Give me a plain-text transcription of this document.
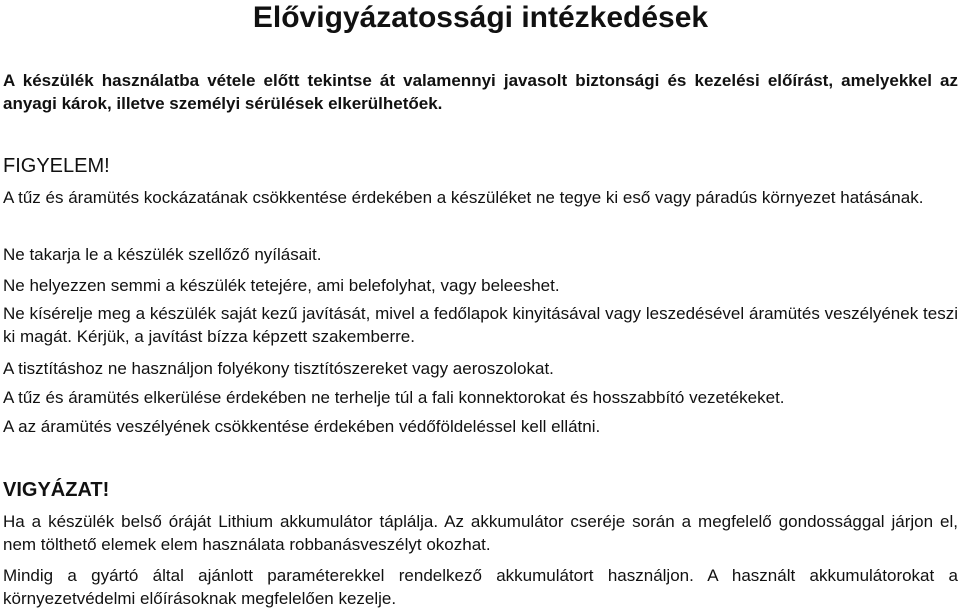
Elővigyázatossági intézkedések
A készülék használatba vétele előtt tekintse át valamennyi javasolt biztonsági és kezelési előírást, amelyekkel az anyagi károk, illetve személyi sérülések elkerülhetőek.
FIGYELEM!

A tűz és áramütés kockázatának csökkentése érdekében a készüléket ne tegye ki eső vagy páradús környezet hatásának.

Ne takarja le a készülék szellőző nyílásait.

Ne helyezzen semmi a készülék tetejére, ami belefolyhat, vagy beleeshet.

Ne kísérelje meg a készülék saját kezű javítását, mivel a fedőlapok kinyitásával vagy leszedésével áramütés veszélyének teszi ki magát. Kérjük, a javítást bízza képzett szakemberre.

A tisztításhoz ne használjon folyékony tisztítószereket vagy aeroszolokat.

A tűz és áramütés elkerülése érdekében ne terhelje túl a fali konnektorokat és hosszabbító vezetékeket.

A az áramütés veszélyének csökkentése érdekében védőföldeléssel kell ellátni.

VIGYÁZAT!

Ha a készülék belső óráját Lithium akkumulátor táplálja. Az akkumulátor cseréje során a megfelelő gondossággal járjon el, nem tölthető elemek elem használata robbanásveszélyt okozhat.

Mindig a gyártó által ajánlott paraméterekkel rendelkező akkumulátort használjon. A használt akkumulátorokat a környezetvédelmi előírásoknak megfelelően kezelje.
